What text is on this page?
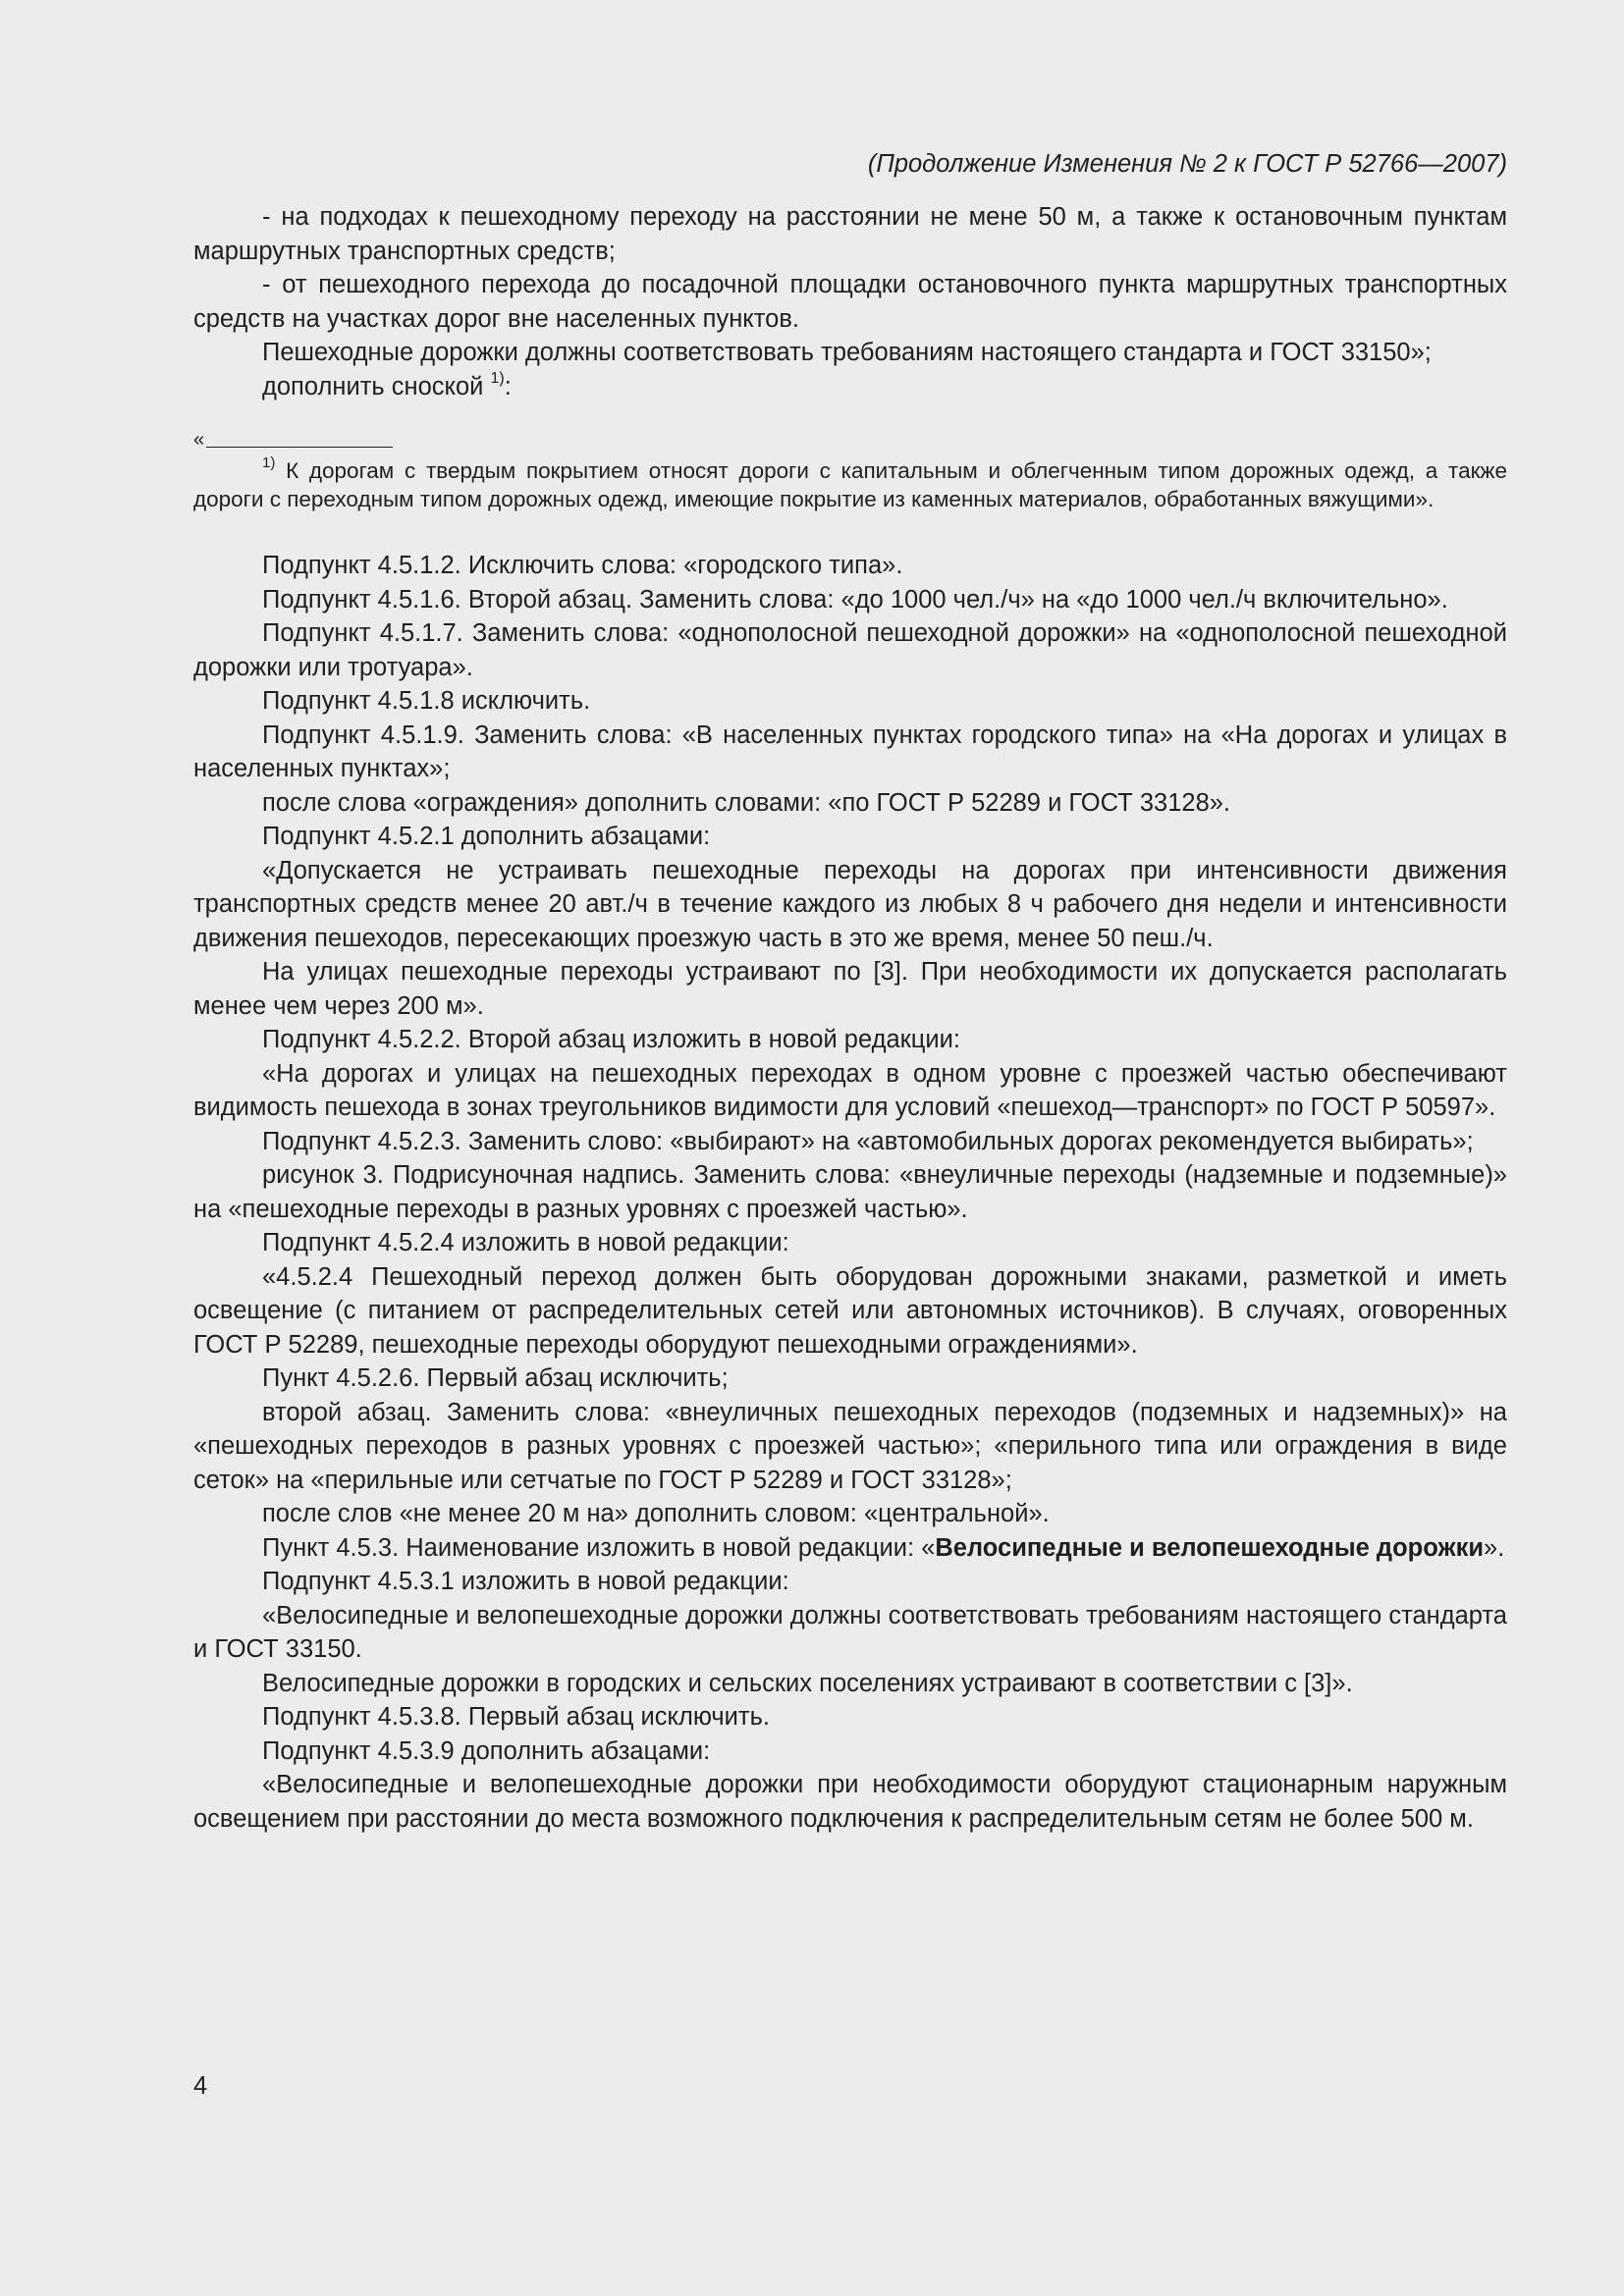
(Продолжение Изменения № 2 к ГОСТ Р 52766—2007)

- на подходах к пешеходному переходу на расстоянии не мене 50 м, а также к остановочным пунктам маршрутных транспортных средств;

- от пешеходного перехода до посадочной площадки остановочного пункта маршрутных транспортных средств на участках дорог вне населенных пунктов.

Пешеходные дорожки должны соответствовать требованиям настоящего стандарта и ГОСТ 33150»;

дополнить сноской $^{1)}$:

«

$^{1)}$ К дорогам с твердым покрытием относят дороги с капитальным и облегченным типом дорожных одежд, а также дороги с переходным типом дорожных одежд, имеющие покрытие из каменных материалов, обработанных вяжущими».

Подпункт 4.5.1.2. Исключить слова: «городского типа».

Подпункт 4.5.1.6. Второй абзац. Заменить слова: «до 1000 чел./ч» на «до 1000 чел./ч включительно».

Подпункт 4.5.1.7. Заменить слова: «однополосной пешеходной дорожки» на «однополосной пешеходной дорожки или тротуара».

Подпункт 4.5.1.8 исключить.

Подпункт 4.5.1.9. Заменить слова: «В населенных пунктах городского типа» на «На дорогах и улицах в населенных пунктах»;

после слова «ограждения» дополнить словами: «по ГОСТ Р 52289 и ГОСТ 33128».

Подпункт 4.5.2.1 дополнить абзацами:

«Допускается не устраивать пешеходные переходы на дорогах при интенсивности движения транспортных средств менее 20 авт./ч в течение каждого из любых 8 ч рабочего дня недели и интенсивности движения пешеходов, пересекающих проезжую часть в это же время, менее 50 пеш./ч.

На улицах пешеходные переходы устраивают по [3]. При необходимости их допускается располагать менее чем через 200 м».

Подпункт 4.5.2.2. Второй абзац изложить в новой редакции:

«На дорогах и улицах на пешеходных переходах в одном уровне с проезжей частью обеспечивают видимость пешехода в зонах треугольников видимости для условий «пешеход—транспорт» по ГОСТ Р 50597».

Подпункт 4.5.2.3. Заменить слово: «выбирают» на «автомобильных дорогах рекомендуется выбирать»;

рисунок 3. Подрисуночная надпись. Заменить слова: «внеуличные переходы (надземные и подземные)» на «пешеходные переходы в разных уровнях с проезжей частью».

Подпункт 4.5.2.4 изложить в новой редакции:

«4.5.2.4 Пешеходный переход должен быть оборудован дорожными знаками, разметкой и иметь освещение (с питанием от распределительных сетей или автономных источников). В случаях, оговоренных ГОСТ Р 52289, пешеходные переходы оборудуют пешеходными ограждениями».

Пункт 4.5.2.6. Первый абзац исключить;

второй абзац. Заменить слова: «внеуличных пешеходных переходов (подземных и надземных)» на «пешеходных переходов в разных уровнях с проезжей частью»; «перильного типа или ограждения в виде сеток» на «перильные или сетчатые по ГОСТ Р 52289 и ГОСТ 33128»;

после слов «не менее 20 м на» дополнить словом: «центральной».

Пункт 4.5.3. Наименование изложить в новой редакции: «Велосипедные и велопешеходные дорожки».

Подпункт 4.5.3.1 изложить в новой редакции:

«Велосипедные и велопешеходные дорожки должны соответствовать требованиям настоящего стандарта и ГОСТ 33150.

Велосипедные дорожки в городских и сельских поселениях устраивают в соответствии с [3]».

Подпункт 4.5.3.8. Первый абзац исключить.

Подпункт 4.5.3.9 дополнить абзацами:

«Велосипедные и велопешеходные дорожки при необходимости оборудуют стационарным наружным освещением при расстоянии до места возможного подключения к распределительным сетям не более 500 м.

4
